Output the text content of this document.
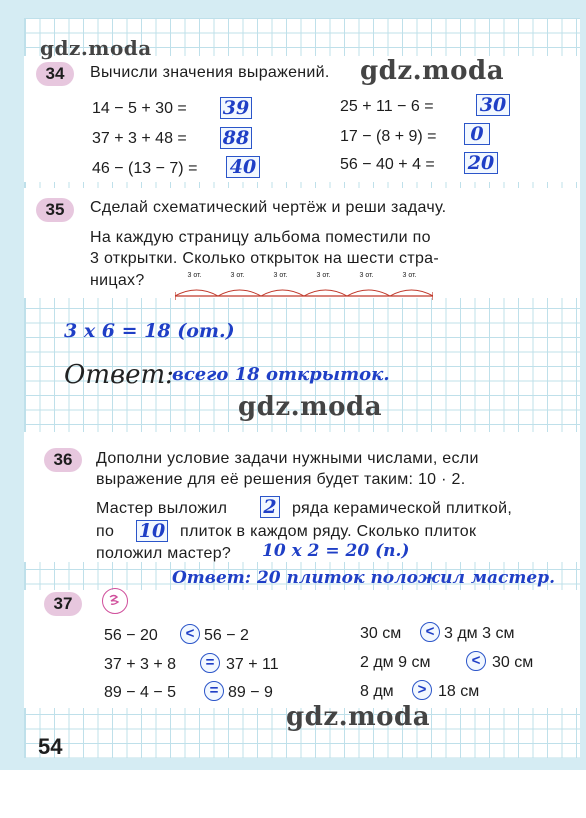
gdz.moda
gdz.moda
gdz.moda
gdz.moda
34	Вычисли значения выражений.
14 − 5 + 30 = 39
37 + 3 + 48 = 88
46 − (13 − 7) = 40
25 + 11 − 6 = 30
17 − (8 + 9) =	0
56 − 40 + 4 = 20
35	Сделай схематический чертёж и реши задачу.
На каждую страницу альбома поместили по
3 открытки. Сколько открыток на шести стра-
ницах?	3 от.	3 от.	3 от.	3 от.	3 от.	3 от.
3 x 6 = 18 (от.)
Ответ:
всего 18 открыток.
36	Дополни условие задачи нужными числами, если
выражение для её решения будет таким: 10 · 2.
Мастер выложил 2 ряда керамической плиткой,
по 10 плиток в каждом ряду. Сколько плиток
положил мастер? 10 x 2 = 20 (п.)
Ответ: 20 плиток положил мастер.
37
56 − 20	< 56 − 2
37 + 3 + 8	= 37 + 11
89 − 4 − 5	= 89 − 9
30 см	< 3 дм 3 см
2 дм 9 см	< 30 см
8 дм	> 18 см
54
